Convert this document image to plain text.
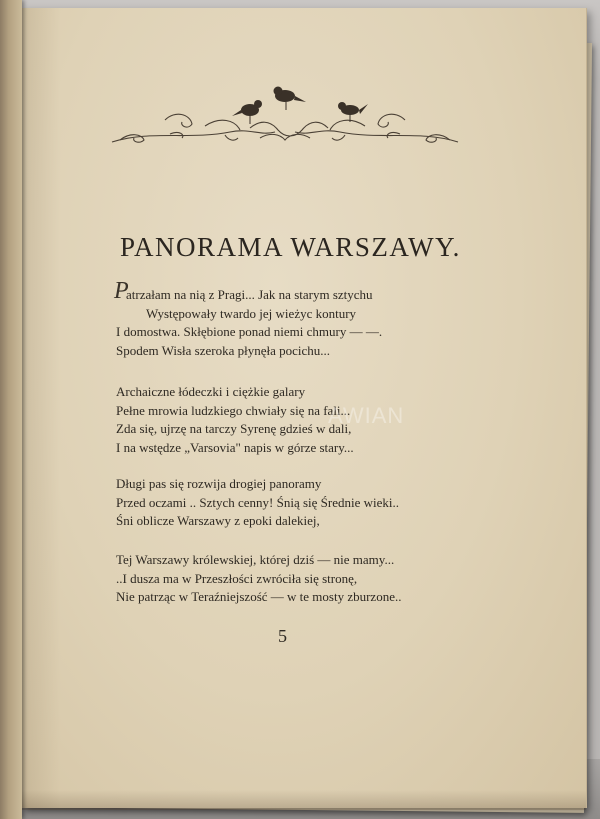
PANORAMA WARSZAWY.
P
atrzałam na nią z Pragi... Jak na starym sztychu
Występowały twardo jej wieżyc kontury
I domostwa. Skłębione ponad niemi chmury — —.
Spodem Wisła szeroka płynęła pocichu...
Archaiczne łódeczki i ciężkie galary
Pełne mrowia ludzkiego chwiały się na fali...
Zda się, ujrzę na tarczy Syrenę gdzieś w dali,
I na wstędze „Varsovia" napis w górze stary...
Długi pas się rozwija drogiej panoramy
Przed oczami .. Sztych cenny! Śnią się Średnie wieki..
Śni oblicze Warszawy z epoki dalekiej,
Tej Warszawy królewskiej, której dziś — nie mamy...
..I dusza ma w Przeszłości zwróciła się stronę,
Nie patrząc w Teraźniejszość — w te mosty zburzone..
5
AWIAN
